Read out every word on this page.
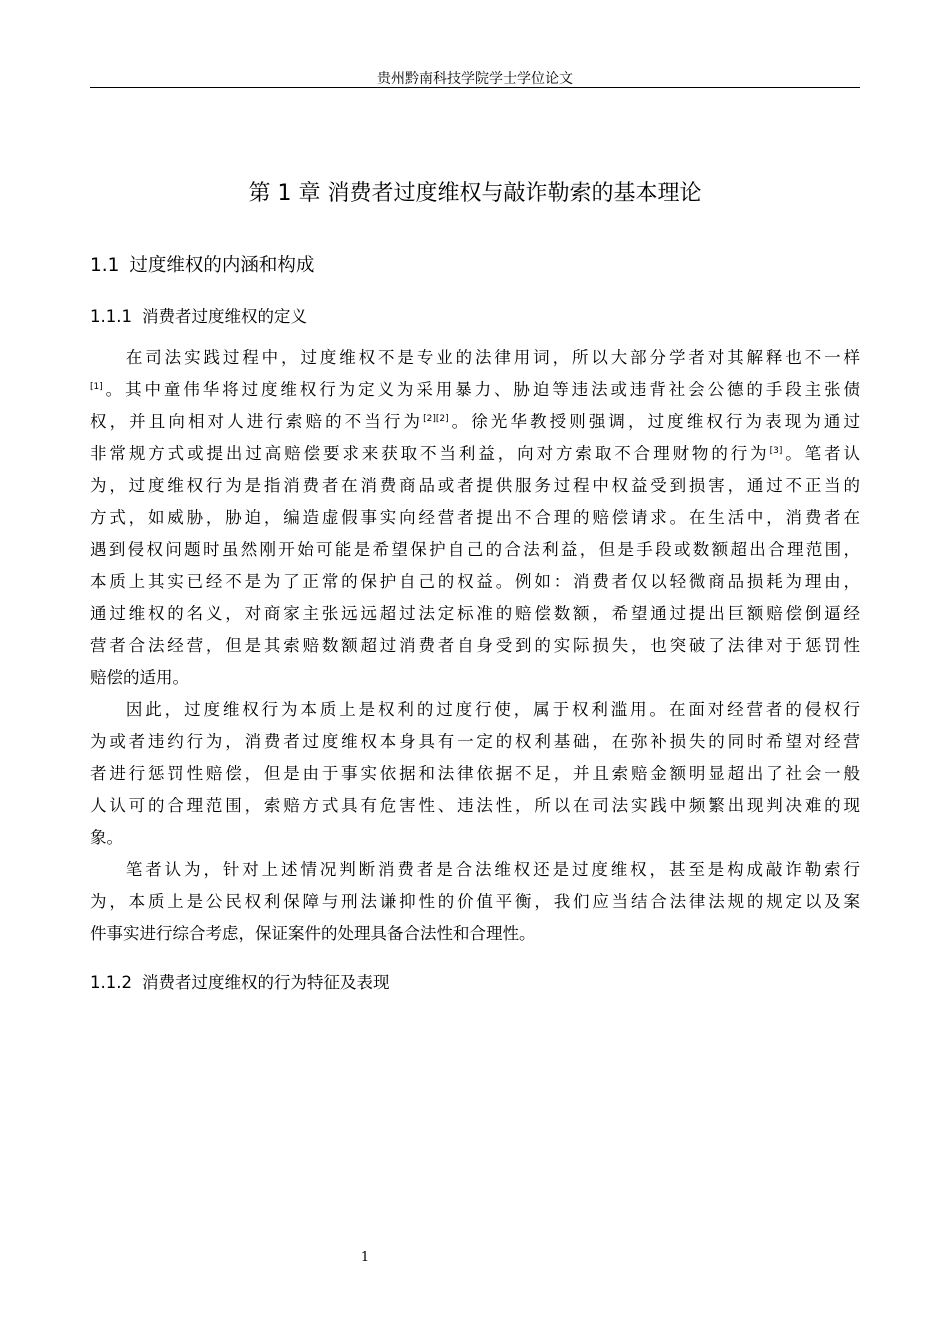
贵州黔南科技学院学士学位论文
第 1 章 消费者过度维权与敲诈勒索的基本理论
1.1 过度维权的内涵和构成
1.1.1 消费者过度维权的定义
在司法实践过程中，过度维权不是专业的法律用词，所以大部分学者对其解释也不一样
[1]。其中童伟华将过度维权行为定义为采用暴力、胁迫等违法或违背社会公德的手段主张债
权，并且向相对人进行索赔的不当行为[2][2]。徐光华教授则强调，过度维权行为表现为通过
非常规方式或提出过高赔偿要求来获取不当利益，向对方索取不合理财物的行为[3]。笔者认
为，过度维权行为是指消费者在消费商品或者提供服务过程中权益受到损害，通过不正当的
方式，如威胁，胁迫，编造虚假事实向经营者提出不合理的赔偿请求。在生活中，消费者在
遇到侵权问题时虽然刚开始可能是希望保护自己的合法利益，但是手段或数额超出合理范围，
本质上其实已经不是为了正常的保护自己的权益。例如：消费者仅以轻微商品损耗为理由，
通过维权的名义，对商家主张远远超过法定标准的赔偿数额，希望通过提出巨额赔偿倒逼经
营者合法经营，但是其索赔数额超过消费者自身受到的实际损失，也突破了法律对于惩罚性
赔偿的适用。
因此，过度维权行为本质上是权利的过度行使，属于权利滥用。在面对经营者的侵权行
为或者违约行为，消费者过度维权本身具有一定的权利基础，在弥补损失的同时希望对经营
者进行惩罚性赔偿，但是由于事实依据和法律依据不足，并且索赔金额明显超出了社会一般
人认可的合理范围，索赔方式具有危害性、违法性，所以在司法实践中频繁出现判决难的现
象。
笔者认为，针对上述情况判断消费者是合法维权还是过度维权，甚至是构成敲诈勒索行
为，本质上是公民权利保障与刑法谦抑性的价值平衡，我们应当结合法律法规的规定以及案
件事实进行综合考虑，保证案件的处理具备合法性和合理性。
1.1.2 消费者过度维权的行为特征及表现
1
